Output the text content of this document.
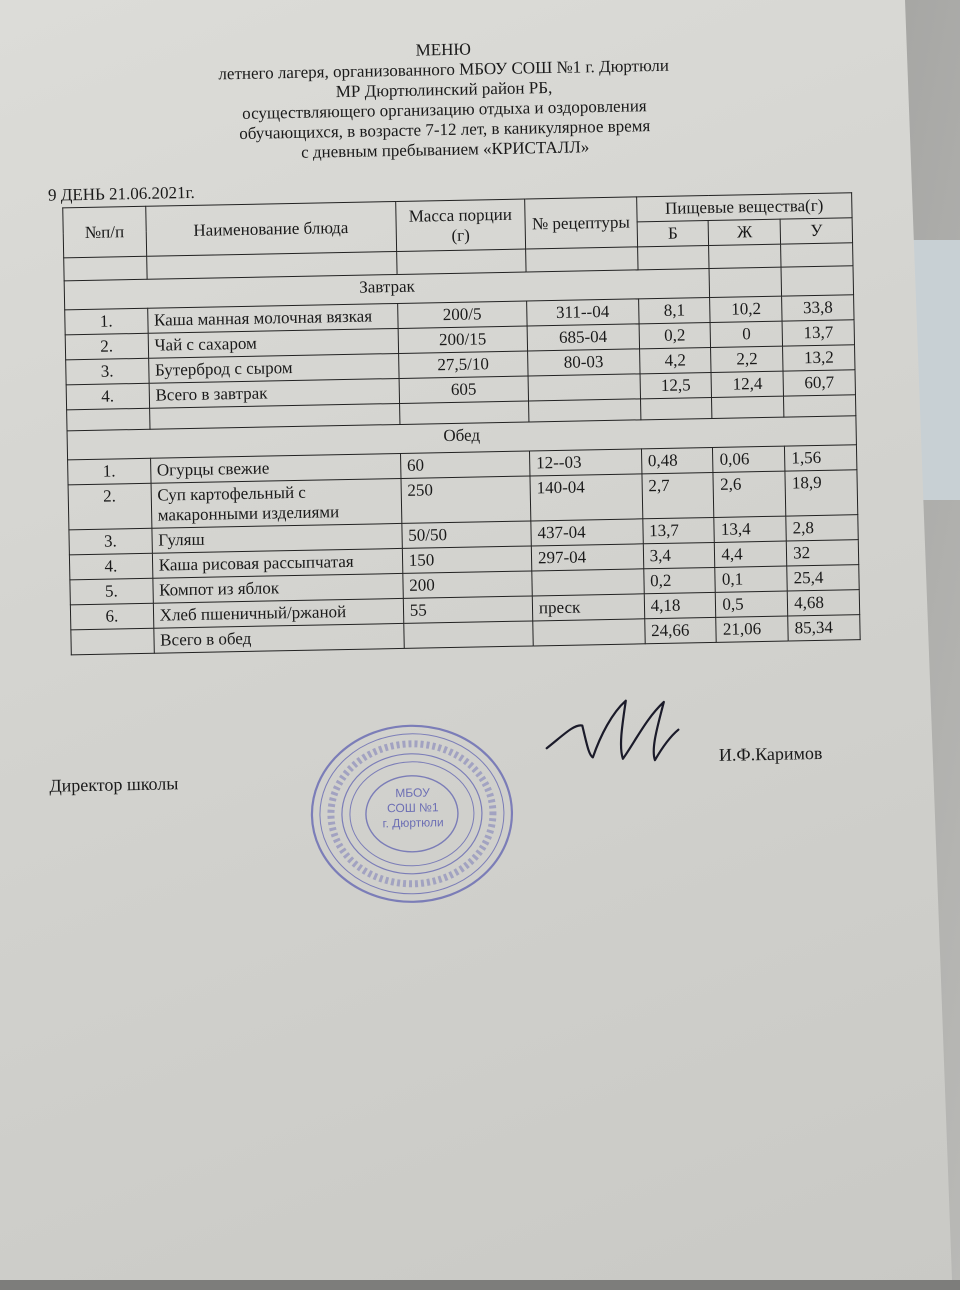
МЕНЮ
летнего лагеря, организованного МБОУ СОШ №1 г. Дюртюли
МР Дюртюлинский район РБ,
осуществляющего организацию отдыха и оздоровления
обучающихся, в возрасте 7-12 лет, в каникулярное время
с дневным пребыванием «КРИСТАЛЛ»
9 ДЕНЬ 21.06.2021г.
№п/п	Наименование блюда	Масса порции (г)	№ рецептуры	Пищевые вещества(г)		
				Б	Ж	У

Завтрак						
1.	Каша манная молочная вязкая	200/5	311--04	8,1	10,2	33,8
2.	Чай с сахаром	200/15	685-04	0,2	0	13,7
3.	Бутерброд с сыром	27,5/10	80-03	4,2	2,2	13,2
4.	Всего в завтрак	605		12,5	12,4	60,7

Обед						
1.	Огурцы свежие	60	12--03	0,48	0,06	1,56
2.	Суп картофельный с макаронными изделиями	250	140-04	2,7	2,6	18,9
3.	Гуляш	50/50	437-04	13,7	13,4	2,8
4.	Каша рисовая рассыпчатая	150	297-04	3,4	4,4	32
5.	Компот из яблок	200		0,2	0,1	25,4
6.	Хлеб пшеничный/ржаной	55	преск	4,18	0,5	4,68
	Всего в обед			24,66	21,06	85,34
Директор школы
И.Ф.Каримов
МБОУ
СОШ №1
г. Дюртюли
